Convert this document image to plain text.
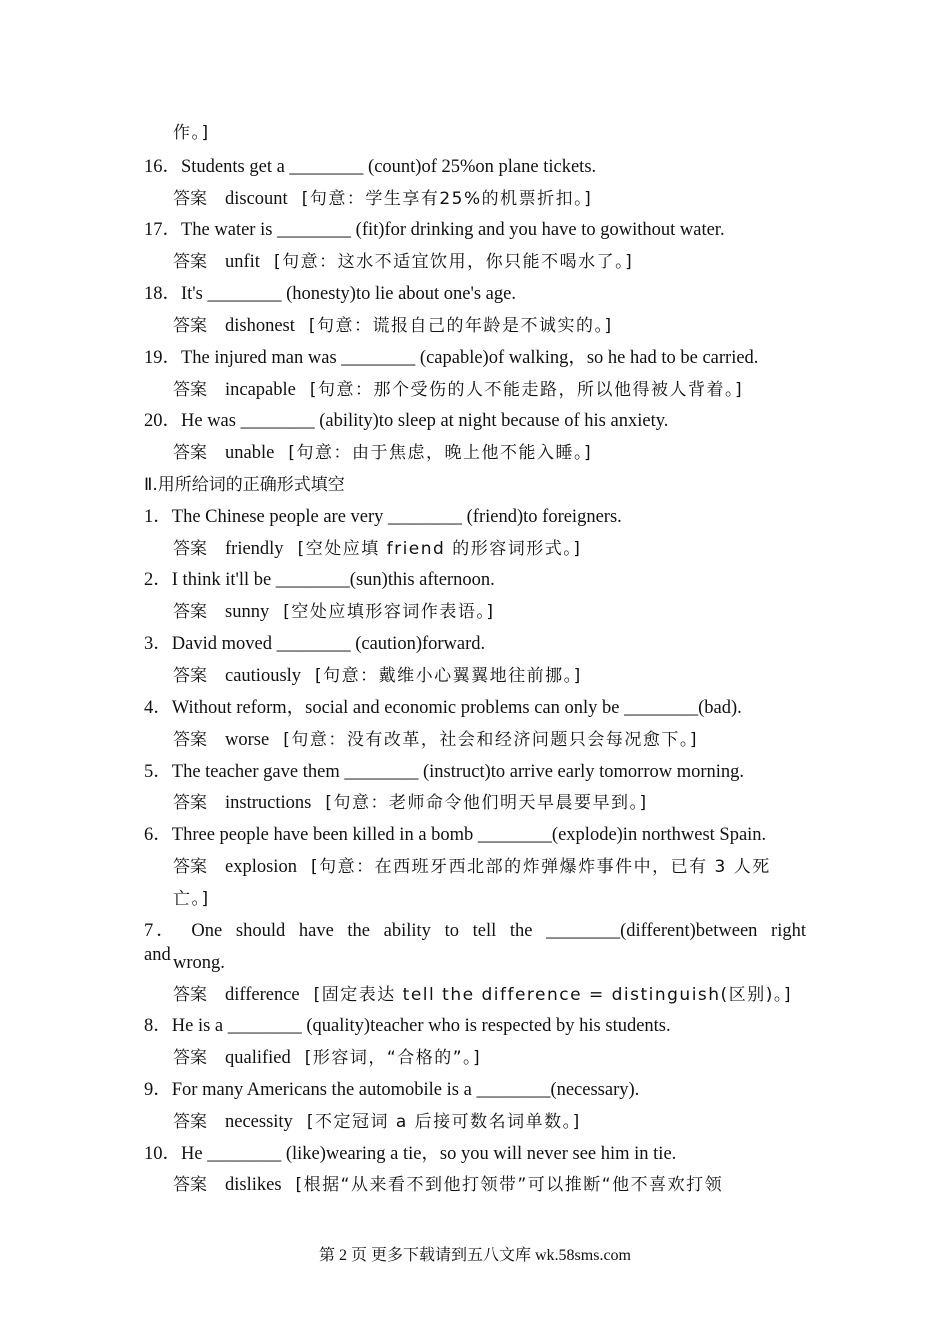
作。]
16．Students get a ________ (count)of 25%on plane tickets.
答案 discount [句意：学生享有25%的机票折扣。]
17．The water is ________ (fit)for drinking and you have to gowithout water.
答案 unfit [句意：这水不适宜饮用，你只能不喝水了。]
18．It's ________ (honesty)to lie about one's age.
答案 dishonest [句意：谎报自己的年龄是不诚实的。]
19．The injured man was ________ (capable)of walking，so he had to be carried.
答案 incapable [句意：那个受伤的人不能走路，所以他得被人背着。]
20．He was ________ (ability)to sleep at night because of his anxiety.
答案 unable [句意：由于焦虑，晚上他不能入睡。]
Ⅱ.用所给词的正确形式填空
1．The Chinese people are very ________ (friend)to foreigners.
答案 friendly [空处应填 friend 的形容词形式。]
2．I think it'll be ________(sun)this afternoon.
答案 sunny [空处应填形容词作表语。]
3．David moved ________ (caution)forward.
答案 cautiously [句意：戴维小心翼翼地往前挪。]
4．Without reform，social and economic problems can only be ________(bad).
答案 worse [句意：没有改革，社会和经济问题只会每况愈下。]
5．The teacher gave them ________ (instruct)to arrive early tomorrow morning.
答案 instructions [句意：老师命令他们明天早晨要早到。]
6．Three people have been killed in a bomb ________(explode)in northwest Spain.
答案 explosion [句意：在西班牙西北部的炸弹爆炸事件中，已有 3 人死
亡。]
7． One should have the ability to tell the ________(different)between right and wrong.
答案 difference [固定表达 tell the difference = distinguish(区别)。]
8．He is a ________ (quality)teacher who is respected by his students.
答案 qualified [形容词，“合格的”。]
9．For many Americans the automobile is a ________(necessary).
答案 necessity [不定冠词 a 后接可数名词单数。]
10．He ________ (like)wearing a tie，so you will never see him in tie.
答案 dislikes [根据“从来看不到他打领带”可以推断“他不喜欢打领
第 2 页 更多下载请到五八文库 wk.58sms.com
